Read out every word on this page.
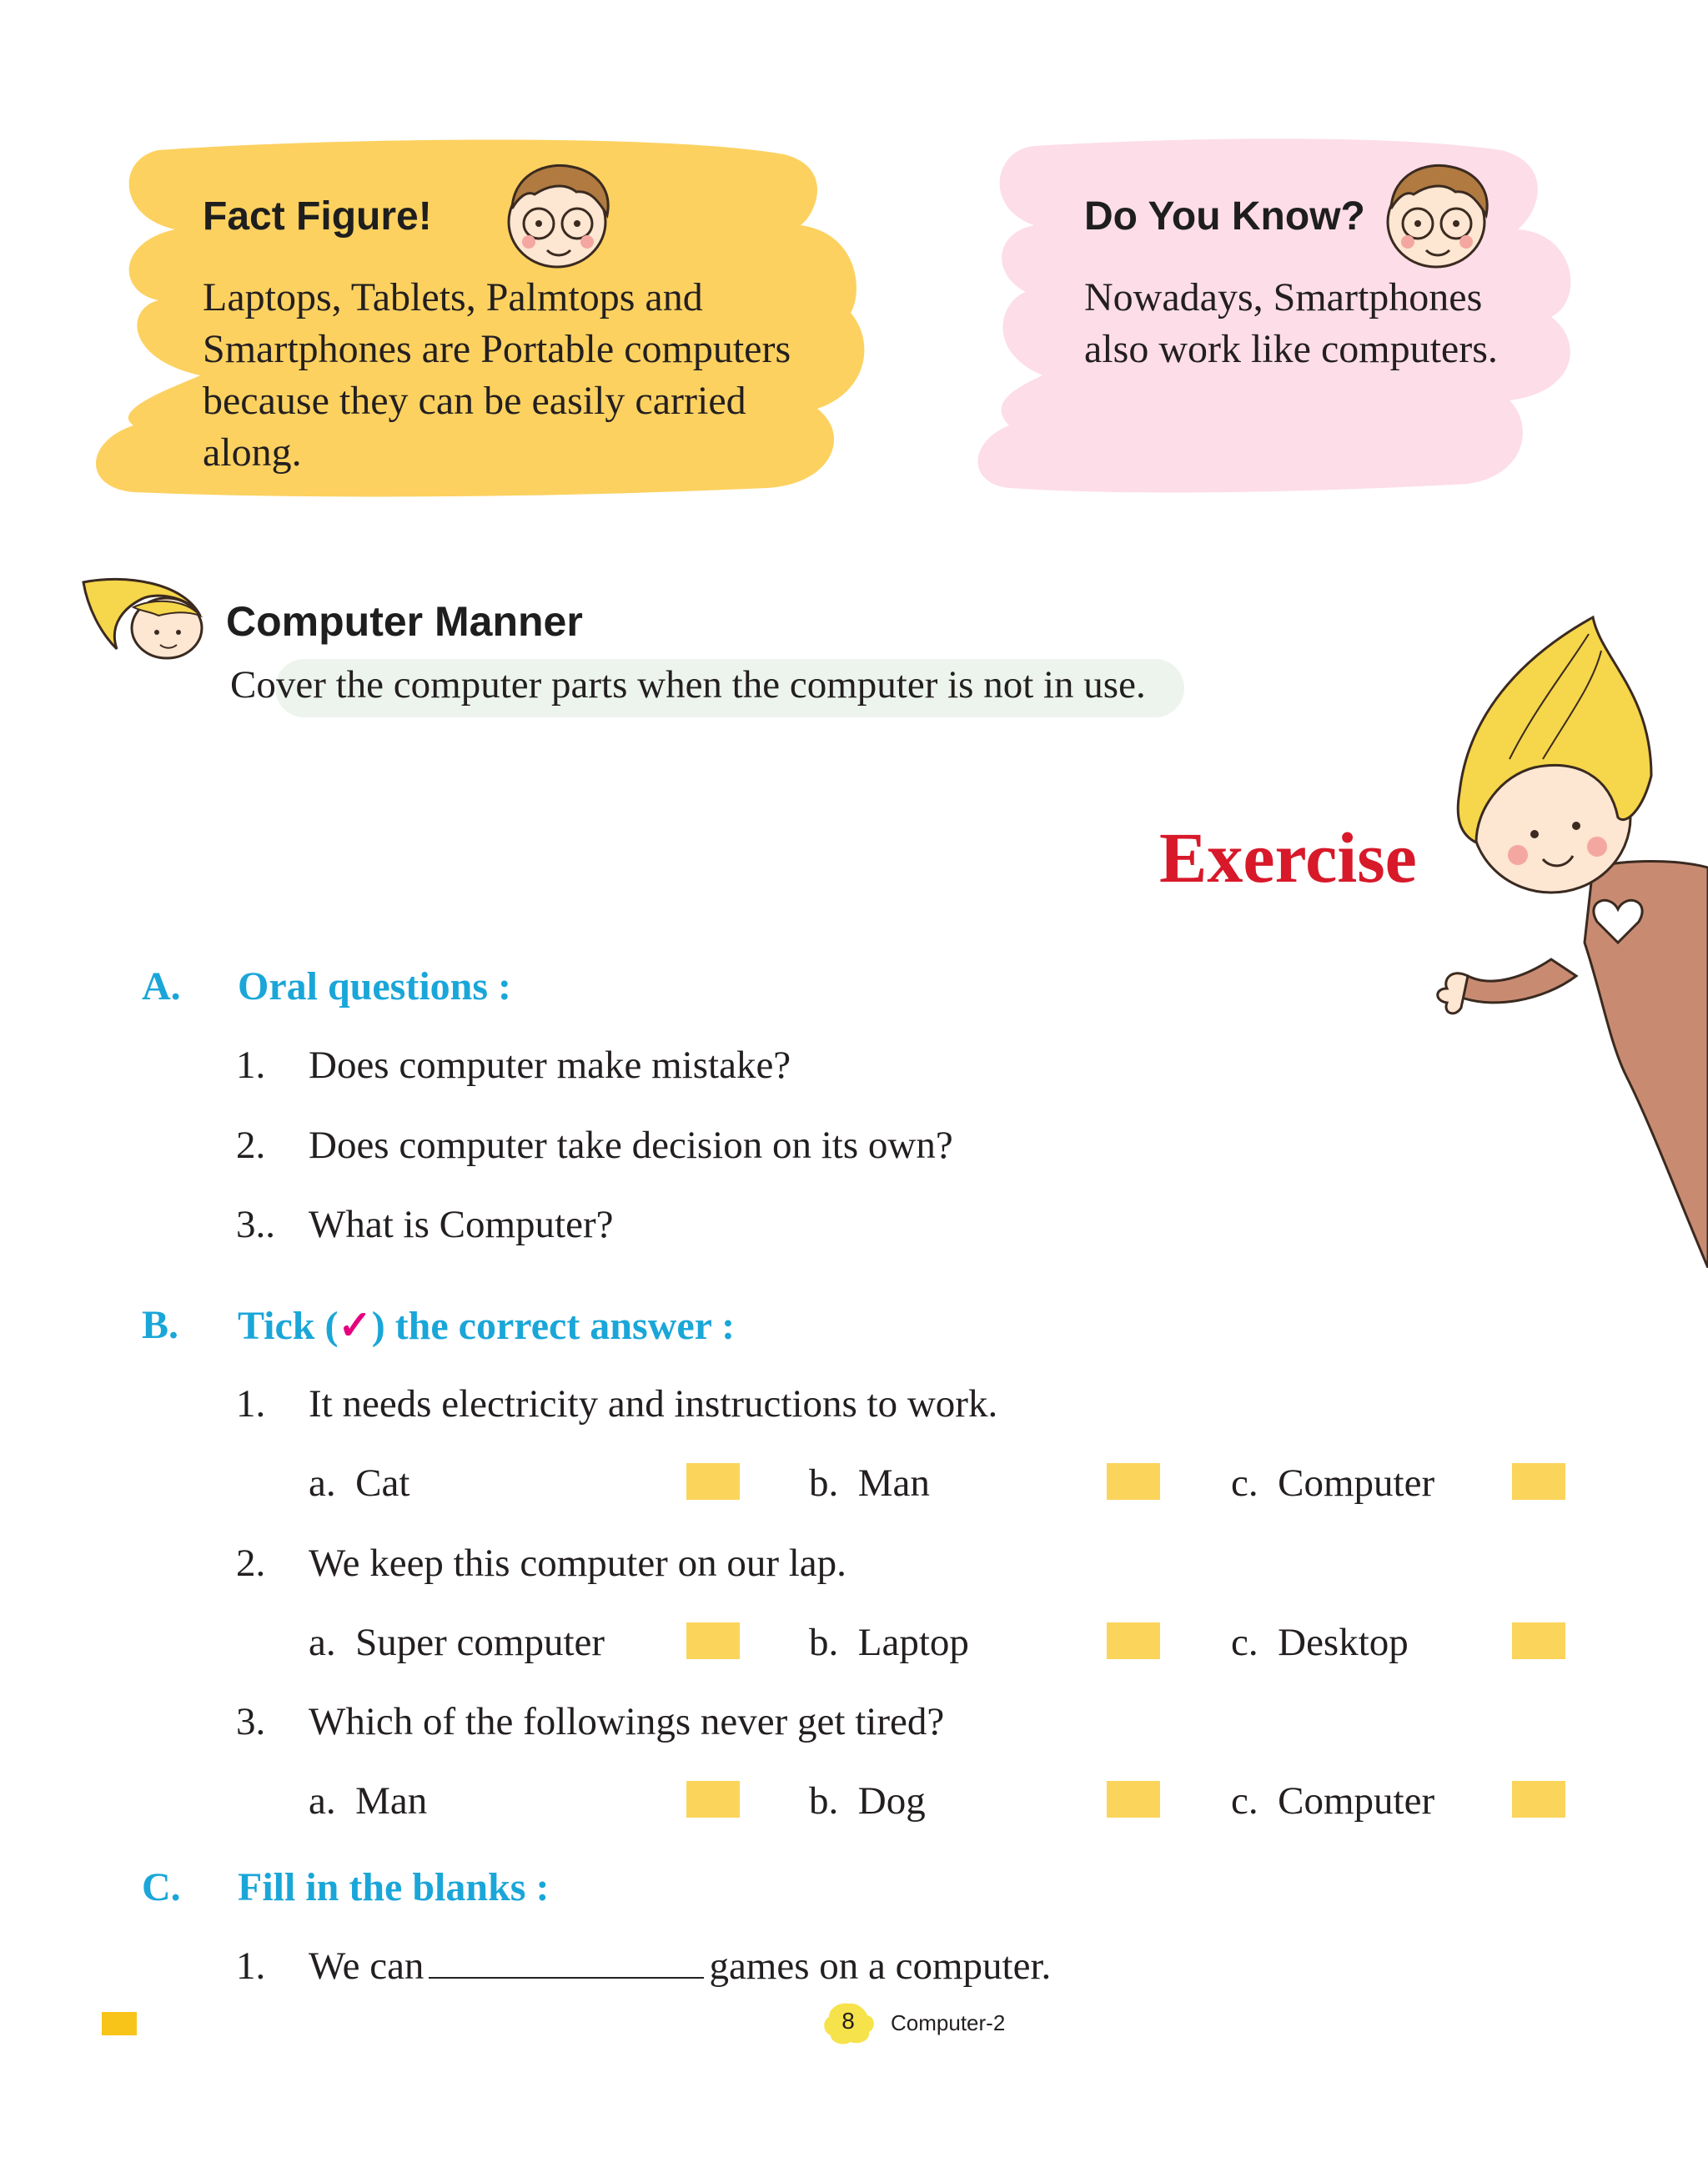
Fact Figure!
Laptops, Tablets, Palmtops and
Smartphones are Portable computers
because they can be easily carried
along.
Do You Know?
Nowadays, Smartphones
also work like computers.
Computer Manner
Cover the computer parts when the computer is not in use.
Exercise
A. Oral questions :
1. Does computer make mistake?
2. Does computer take decision on its own?
3.. What is Computer?
B. Tick (✓) the correct answer :
1. It needs electricity and instructions to work.
a. Cat	b. Man	c. Computer
2. We keep this computer on our lap.
a. Super computer	b. Laptop	c. Desktop
3. Which of the followings never get tired?
a. Man	b. Dog	c. Computer
C. Fill in the blanks :
1. We can	games on a computer.
8 Computer-2
